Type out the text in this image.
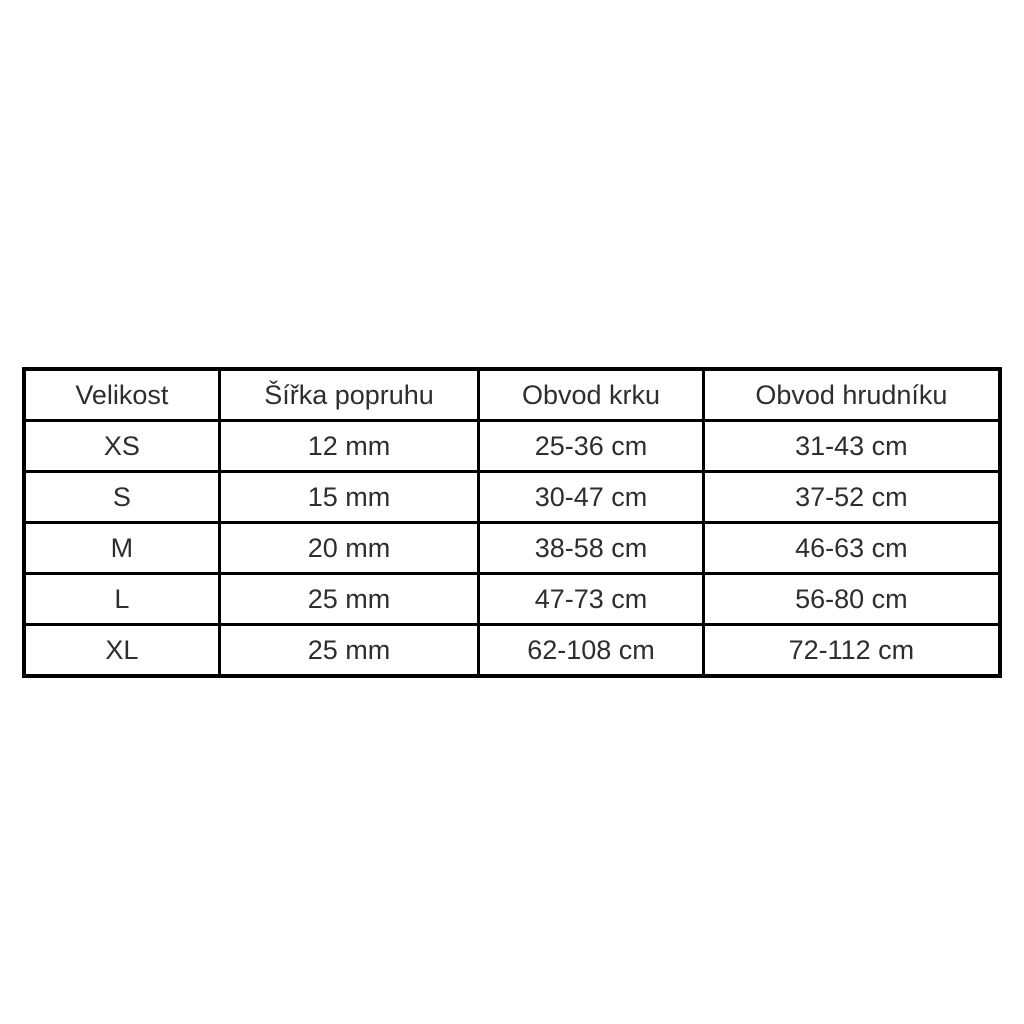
Velikost	Šířka popruhu	Obvod krku	Obvod hrudníku
XS	12 mm	25-36 cm	31-43 cm
S	15 mm	30-47 cm	37-52 cm
M	20 mm	38-58 cm	46-63 cm
L	25 mm	47-73 cm	56-80 cm
XL	25 mm	62-108 cm	72-112 cm
